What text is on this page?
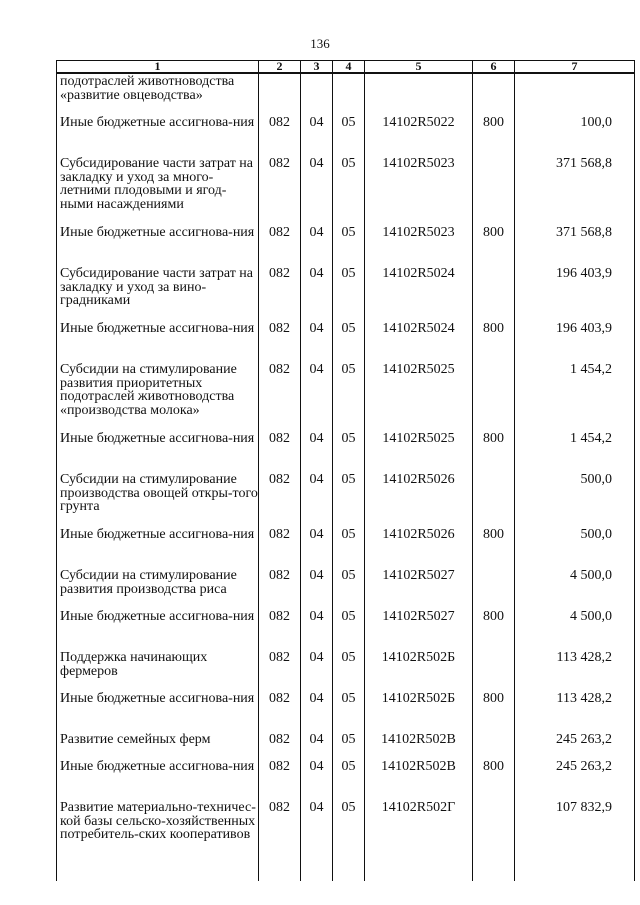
136
1	2	3	4	5	6	7
подотраслей животноводства «развитие овцеводства»						
Иные бюджетные ассигнова-ния	082	04	05	14102R5022	800	100,0
Субсидирование части затрат на закладку и уход за много-летними плодовыми и ягод-ными насаждениями	082	04	05	14102R5023		371 568,8
Иные бюджетные ассигнова-ния	082	04	05	14102R5023	800	371 568,8
Субсидирование части затрат на закладку и уход за вино-градниками	082	04	05	14102R5024		196 403,9
Иные бюджетные ассигнова-ния	082	04	05	14102R5024	800	196 403,9
Субсидии на стимулирование развития приоритетных подотраслей животноводства «производства молока»	082	04	05	14102R5025		1 454,2
Иные бюджетные ассигнова-ния	082	04	05	14102R5025	800	1 454,2
Субсидии на стимулирование производства овощей откры-того грунта	082	04	05	14102R5026		500,0
Иные бюджетные ассигнова-ния	082	04	05	14102R5026	800	500,0
Субсидии на стимулирование развития производства риса	082	04	05	14102R5027		4 500,0
Иные бюджетные ассигнова-ния	082	04	05	14102R5027	800	4 500,0
Поддержка начинающих фермеров	082	04	05	14102R502Б		113 428,2
Иные бюджетные ассигнова-ния	082	04	05	14102R502Б	800	113 428,2
Развитие семейных ферм	082	04	05	14102R502В		245 263,2
Иные бюджетные ассигнова-ния	082	04	05	14102R502В	800	245 263,2
Развитие материально-техничес-кой базы сельско-хозяйственных потребитель-ских кооперативов	082	04	05	14102R502Г		107 832,9
